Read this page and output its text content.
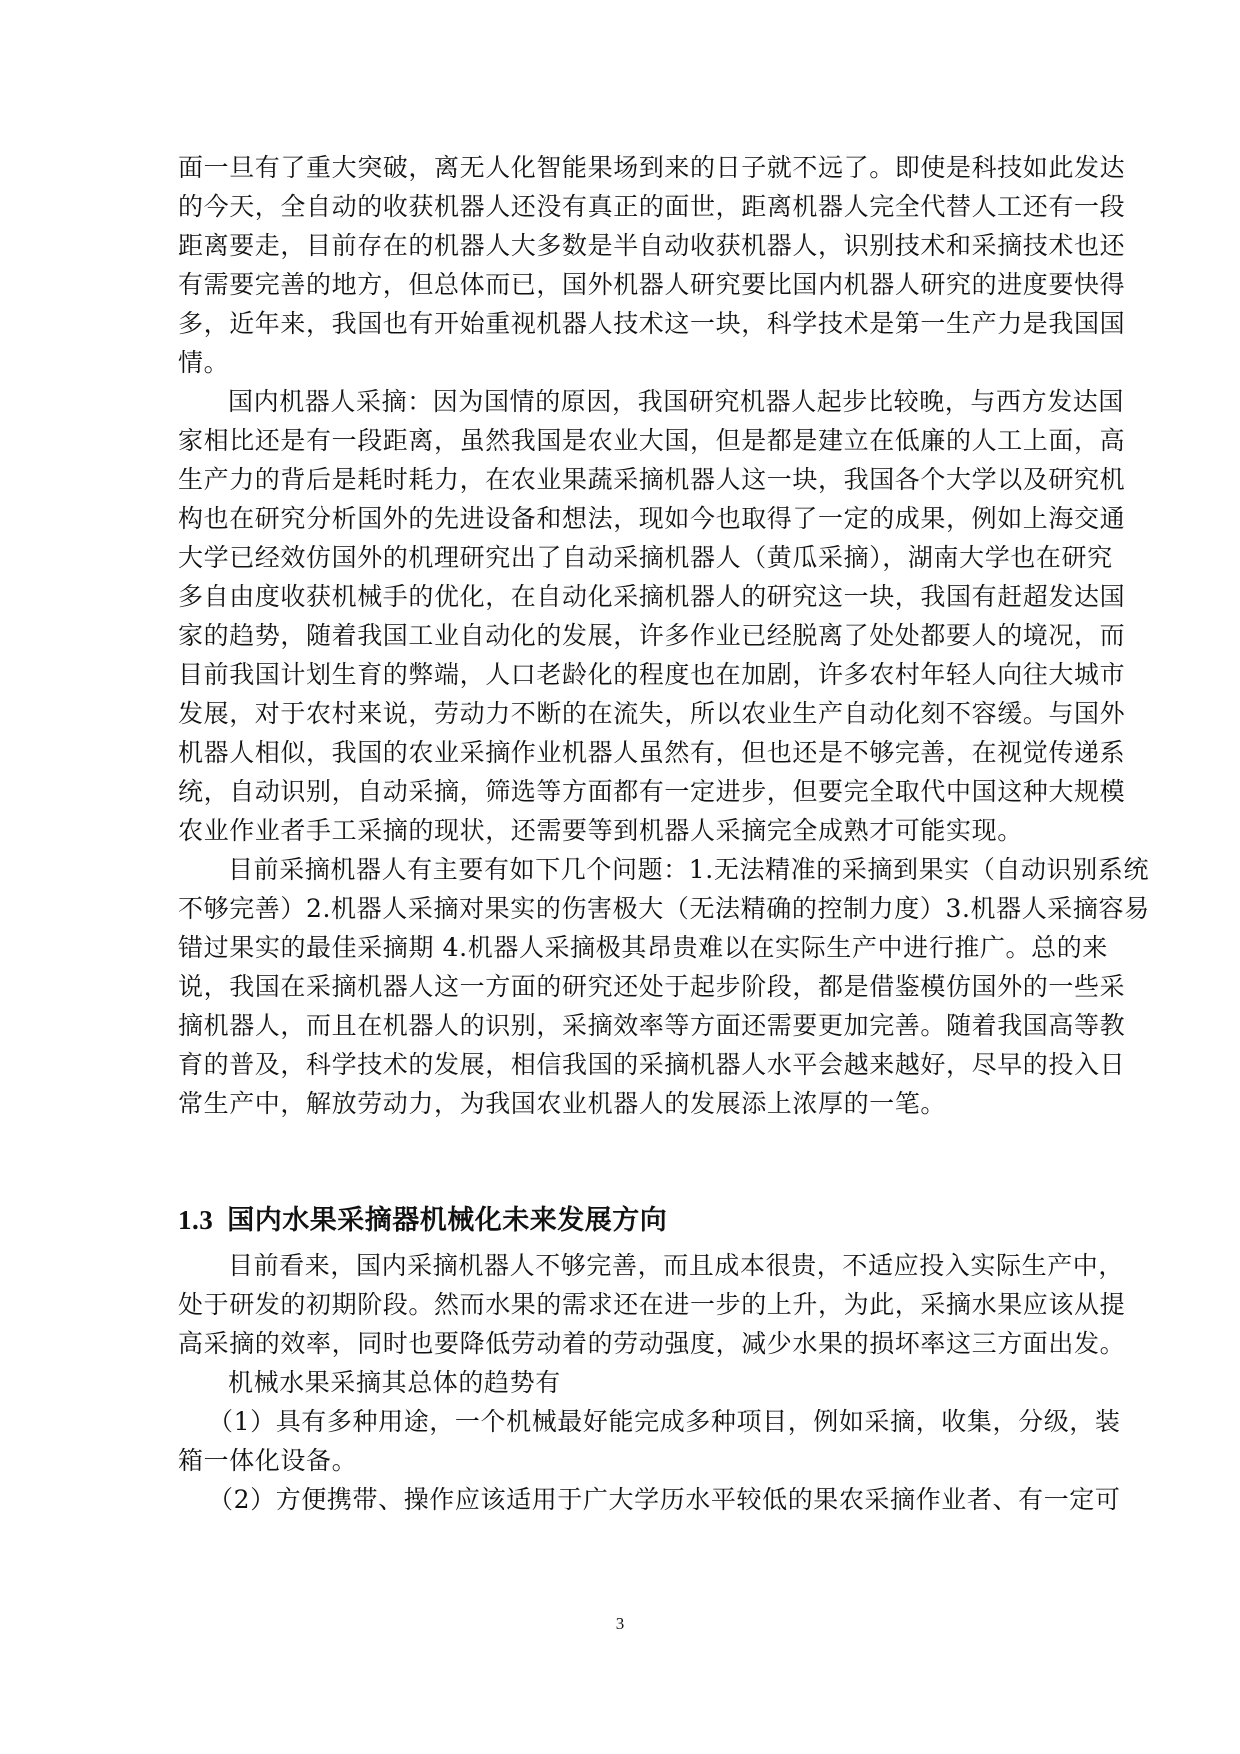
面一旦有了重大突破，离无人化智能果场到来的日子就不远了。即使是科技如此发达
的今天，全自动的收获机器人还没有真正的面世，距离机器人完全代替人工还有一段
距离要走，目前存在的机器人大多数是半自动收获机器人，识别技术和采摘技术也还
有需要完善的地方，但总体而已，国外机器人研究要比国内机器人研究的进度要快得
多，近年来，我国也有开始重视机器人技术这一块，科学技术是第一生产力是我国国
情。
国内机器人采摘：因为国情的原因，我国研究机器人起步比较晚，与西方发达国
家相比还是有一段距离，虽然我国是农业大国，但是都是建立在低廉的人工上面，高
生产力的背后是耗时耗力，在农业果蔬采摘机器人这一块，我国各个大学以及研究机
构也在研究分析国外的先进设备和想法，现如今也取得了一定的成果，例如上海交通
大学已经效仿国外的机理研究出了自动采摘机器人（黄瓜采摘），湖南大学也在研究
多自由度收获机械手的优化，在自动化采摘机器人的研究这一块，我国有赶超发达国
家的趋势，随着我国工业自动化的发展，许多作业已经脱离了处处都要人的境况，而
目前我国计划生育的弊端，人口老龄化的程度也在加剧，许多农村年轻人向往大城市
发展，对于农村来说，劳动力不断的在流失，所以农业生产自动化刻不容缓。与国外
机器人相似，我国的农业采摘作业机器人虽然有，但也还是不够完善，在视觉传递系
统，自动识别，自动采摘，筛选等方面都有一定进步，但要完全取代中国这种大规模
农业作业者手工采摘的现状，还需要等到机器人采摘完全成熟才可能实现。
目前采摘机器人有主要有如下几个问题：1.无法精准的采摘到果实（自动识别系统
不够完善）2.机器人采摘对果实的伤害极大（无法精确的控制力度）3.机器人采摘容易
错过果实的最佳采摘期 4.机器人采摘极其昂贵难以在实际生产中进行推广。总的来
说，我国在采摘机器人这一方面的研究还处于起步阶段，都是借鉴模仿国外的一些采
摘机器人，而且在机器人的识别，采摘效率等方面还需要更加完善。随着我国高等教
育的普及，科学技术的发展，相信我国的采摘机器人水平会越来越好，尽早的投入日
常生产中，解放劳动力，为我国农业机器人的发展添上浓厚的一笔。
1.3 国内水果采摘器机械化未来发展方向
目前看来，国内采摘机器人不够完善，而且成本很贵，不适应投入实际生产中，
处于研发的初期阶段。然而水果的需求还在进一步的上升，为此，采摘水果应该从提
高采摘的效率，同时也要降低劳动着的劳动强度，减少水果的损坏率这三方面出发。
机械水果采摘其总体的趋势有
（1）具有多种用途，一个机械最好能完成多种项目，例如采摘，收集，分级，装
箱一体化设备。
（2）方便携带、操作应该适用于广大学历水平较低的果农采摘作业者、有一定可
3
